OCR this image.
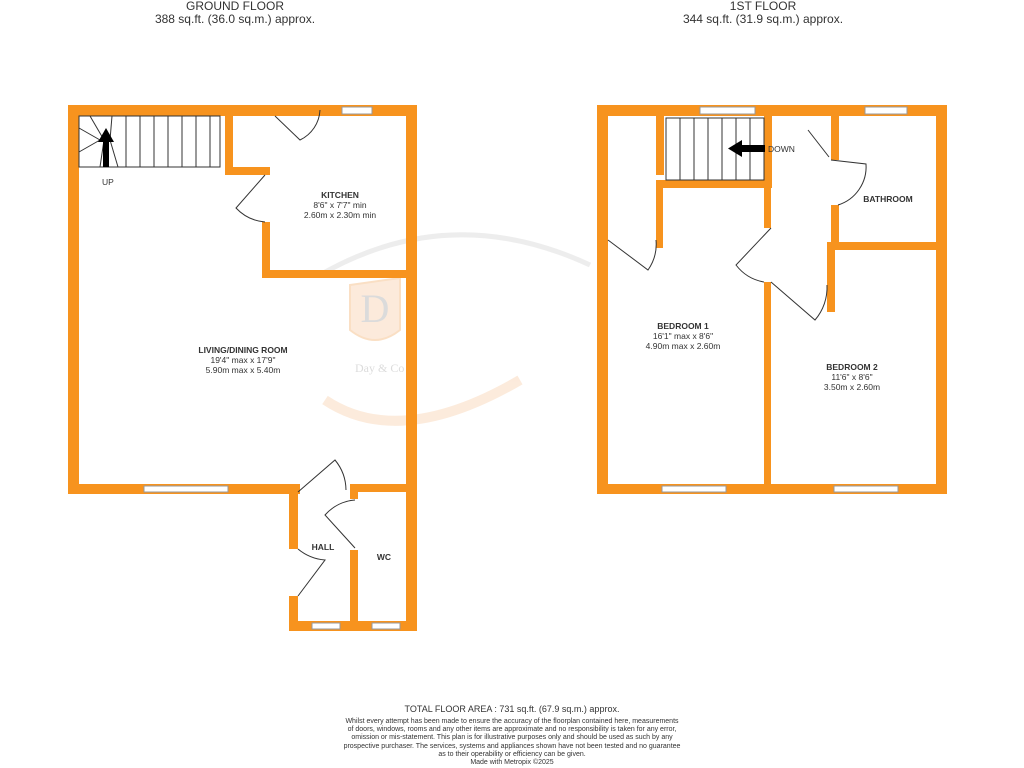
GROUND FLOOR
388 sq.ft. (36.0 sq.m.) approx.
1ST FLOOR
344 sq.ft. (31.9 sq.m.) approx.
D
Day & Co
UP
KITCHEN
8'6" x 7'7" min
2.60m x 2.30m min
LIVING/DINING ROOM
19'4" max x 17'9"
5.90m max x 5.40m
HALL
WC
DOWN
BEDROOM 1
16'1" max x 8'6"
4.90m max x 2.60m
BEDROOM 2
11'6" x 8'6"
3.50m x 2.60m
BATHROOM
TOTAL FLOOR AREA : 731 sq.ft. (67.9 sq.m.) approx.
Whilst every attempt has been made to ensure the accuracy of the floorplan contained here, measurements
of doors, windows, rooms and any other items are approximate and no responsibility is taken for any error,
omission or mis-statement. This plan is for illustrative purposes only and should be used as such by any
prospective purchaser. The services, systems and appliances shown have not been tested and no guarantee
as to their operability or efficiency can be given.
Made with Metropix ©2025
